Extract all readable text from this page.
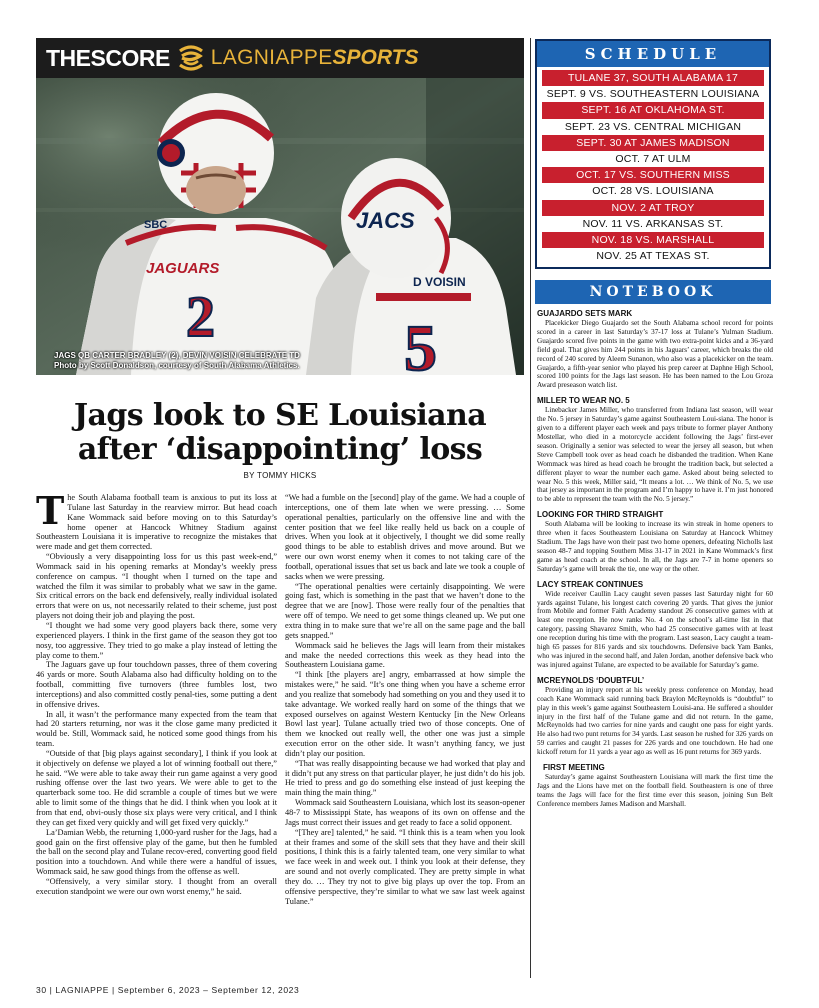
THE SCORE LAGNIAPPE SPORTS
2
JAGUARS
SBC
D VOISIN
5
JACS
JAGS QB CARTER BRADLEY (2), DEVIN VOISIN CELEBRATE TD
Photo by Scott Donaldson, courtesy of South Alabama Athletics.
Jags look to SE Louisiana
after ‘disappointing’ loss
BY TOMMY HICKS

The South Alabama football team is anxious to put its loss at Tulane last Saturday in the rearview mirror. But head coach Kane Wommack said before moving on to this Saturday’s home opener at Hancock Whitney Stadium against Southeastern Louisiana it is imperative to recognize the mistakes that were made and get them corrected.

“Obviously a very disappointing loss for us this past week-end,” Wommack said in his opening remarks at Monday’s weekly press conference on campus. “I thought when I turned on the tape and watched the film it was similar to probably what we saw in the game. Six critical errors on the back end defensively, really individual isolated errors that were on us, not necessarily related to their scheme, just post players not doing their job and playing the post.

“I thought we had some very good players back there, some very experienced players. I think in the first game of the season they got too nosy, too aggressive. They tried to go make a play instead of letting the play come to them.”

The Jaguars gave up four touchdown passes, three of them covering 46 yards or more. South Alabama also had difficulty holding on to the football, committing five turnovers (three fumbles lost, two interceptions) and also committed costly penal-ties, some putting a dent in offensive drives.

In all, it wasn’t the performance many expected from the team that had 20 starters returning, nor was it the close game many predicted it would be. Still, Wommack said, he noticed some good things from his team.

“Outside of that [big plays against secondary], I think if you look at it objectively on defense we played a lot of winning football out there,” he said. “We were able to take away their run game against a very good rushing offense over the last two years. We were able to get to the quarterback some too. He did scramble a couple of times but we were able to limit some of the things that he did. I think when you look at it from that end, obvi-ously those six plays were very critical, and I think they can get fixed very quickly and will get fixed very quickly.”

La’Damian Webb, the returning 1,000-yard rusher for the Jags, had a good gain on the first offensive play of the game, but then he fumbled the ball on the second play and Tulane recov-ered, converting good field position into a touchdown. And while there were a handful of issues, Wommack said, he saw good things from the offense as well.

“Offensively, a very similar story. I thought from an overall execution standpoint we were our own worst enemy,” he said.

“We had a fumble on the [second] play of the game. We had a couple of interceptions, one of them late when we were pressing. … Some operational penalties, particularly on the offensive line and with the center position that we feel like really held us back on a couple of drives. When you look at it objectively, I thought we did some really good things to be able to establish drives and move around. But we were our own worst enemy when it comes to not taking care of the football, operational issues that set us back and late we took a couple of sacks when we were pressing.

“The operational penalties were certainly disappointing. We were going fast, which is something in the past that we haven’t done to the degree that we are [now]. Those were really four of the penalties that were off of tempo. We need to get some things cleaned up. We put one extra thing in to make sure that we’re all on the same page and the ball gets snapped.”

Wommack said he believes the Jags will learn from their mistakes and make the needed corrections this week as they head into the Southeastern Louisiana game.

“I think [the players are] angry, embarrassed at how simple the mistakes were,” he said. “It’s one thing when you have a scheme error and you realize that somebody had something on you and they used it to take advantage. We worked really hard on some of the things that we exposed ourselves on against Western Kentucky [in the New Orleans Bowl last year]. Tulane actually tried two of those concepts. One of them we knocked out really well, the other one was just a simple execution error on the other side. It wasn’t anything fancy, we just didn’t play our position.

“That was really disappointing because we had worked that play and it didn’t put any stress on that particular player, he just didn’t do his job. He tried to press and go do something else instead of just keeping the main thing the main thing.”

Wommack said Southeastern Louisiana, which lost its season-opener 48-7 to Mississippi State, has weapons of its own on offense and the Jags must correct their issues and get ready to face a solid opponent.

“[They are] talented,” he said. “I think this is a team when you look at their frames and some of the skill sets that they have and their skill positions, I think this is a fairly talented team, one very similar to what we face week in and week out. I think you look at their defense, they are sound and not overly complicated. They are pretty simple in what they do. … They try not to give big plays up over the top. From an offensive perspective, they’re similar to what we saw last week against Tulane.”

30 | LAGNIAPPE | September 6, 2023 – September 12, 2023
SCHEDULE
TULANE 37, SOUTH ALABAMA 17
SEPT. 9 VS. SOUTHEASTERN LOUISIANA
SEPT. 16 AT OKLAHOMA ST.
SEPT. 23 VS. CENTRAL MICHIGAN
SEPT. 30 AT JAMES MADISON
OCT. 7 AT ULM
OCT. 17 VS. SOUTHERN MISS
OCT. 28 VS. LOUISIANA
NOV. 2 AT TROY
NOV. 11 VS. ARKANSAS ST.
NOV. 18 VS. MARSHALL
NOV. 25 AT TEXAS ST.
NOTEBOOK
GUAJARDO SETS MARK

Placekicker Diego Guajardo set the South Alabama school record for points scored in a career in last Saturday’s 37-17 loss at Tulane’s Yulman Stadium. Guajardo scored five points in the game with two extra-point kicks and a 36-yard field goal. That gives him 244 points in his Jaguars’ career, which breaks the old record of 240 scored by Aleem Sunanon, who also was a placekicker on the team. Guajardo, a fifth-year senior who played his prep career at Daphne High School, scored 100 points for the Jags last season. He has been named to the Lou Groza Award preseason watch list.

MILLER TO WEAR NO. 5

Linebacker James Miller, who transferred from Indiana last season, will wear the No. 5 jersey in Saturday’s game against Southeastern Loui-siana. The honor is given to a different player each week and pays tribute to former player Anthony Mostellar, who died in a motorcycle accident following the Jags’ first-ever season. Originally a senior was selected to wear the jersey all season, but when Steve Campbell took over as head coach he disbanded the tradition. When Kane Wommack was hired as head coach he brought the tradition back, but selected a different player to wear the number each game. Asked about being selected to wear No. 5 this week, Miller said, “It means a lot. … We think of No. 5, we use that jersey as important in the program and I’m happy to have it. I’m just honored to be able to represent the team with the No. 5 jersey.”

LOOKING FOR THIRD STRAIGHT

South Alabama will be looking to increase its win streak in home openers to three when it faces Southeastern Louisiana on Saturday at Hancock Whitney Stadium. The Jags have won their past two home openers, defeating Nicholls last season 48-7 and topping Southern Miss 31-17 in 2021 in Kane Wommack’s first game as head coach at the school. In all, the Jags are 7-7 in home openers so Saturday’s game will break the tie, one way or the other.

LACY STREAK CONTINUES

Wide receiver Caullin Lacy caught seven passes last Saturday night for 60 yards against Tulane, his longest catch covering 20 yards. That gives the junior from Mobile and former Faith Academy standout 26 consecutive games with at least one reception. He now ranks No. 4 on the school’s all-time list in that category, passing Shavarez Smith, who had 25 consecutive games with at least one reception during his time with the program. Last season, Lacy caught a team-high 65 passes for 816 yards and six touchdowns. Defensive back Yam Banks, who was injured in the second half, and Jalen Jordan, another defensive back who was injured against Tulane, are expected to be available for Saturday’s game.

MCREYNOLDS ‘DOUBTFUL’

Providing an injury report at his weekly press conference on Monday, head coach Kane Wommack said running back Braylon McReynolds is “doubtful” to play in this week’s game against Southeastern Louisi-ana. He suffered a shoulder injury in the first half of the Tulane game and did not return. In the game, McReynolds had two carries for nine yards and caught one pass for eight yards. He also had two punt returns for 34 yards. Last season he rushed for 326 yards on 59 carries and caught 21 passes for 226 yards and one touchdown. He had one kickoff return for 11 yards a year ago as well as 16 punt returns for 369 yards.

FIRST MEETING

Saturday’s game against Southeastern Louisiana will mark the first time the Jags and the Lions have met on the football field. Southeastern is one of three teams the Jags will face for the first time ever this season, joining Sun Belt Conference members James Madison and Marshall.
